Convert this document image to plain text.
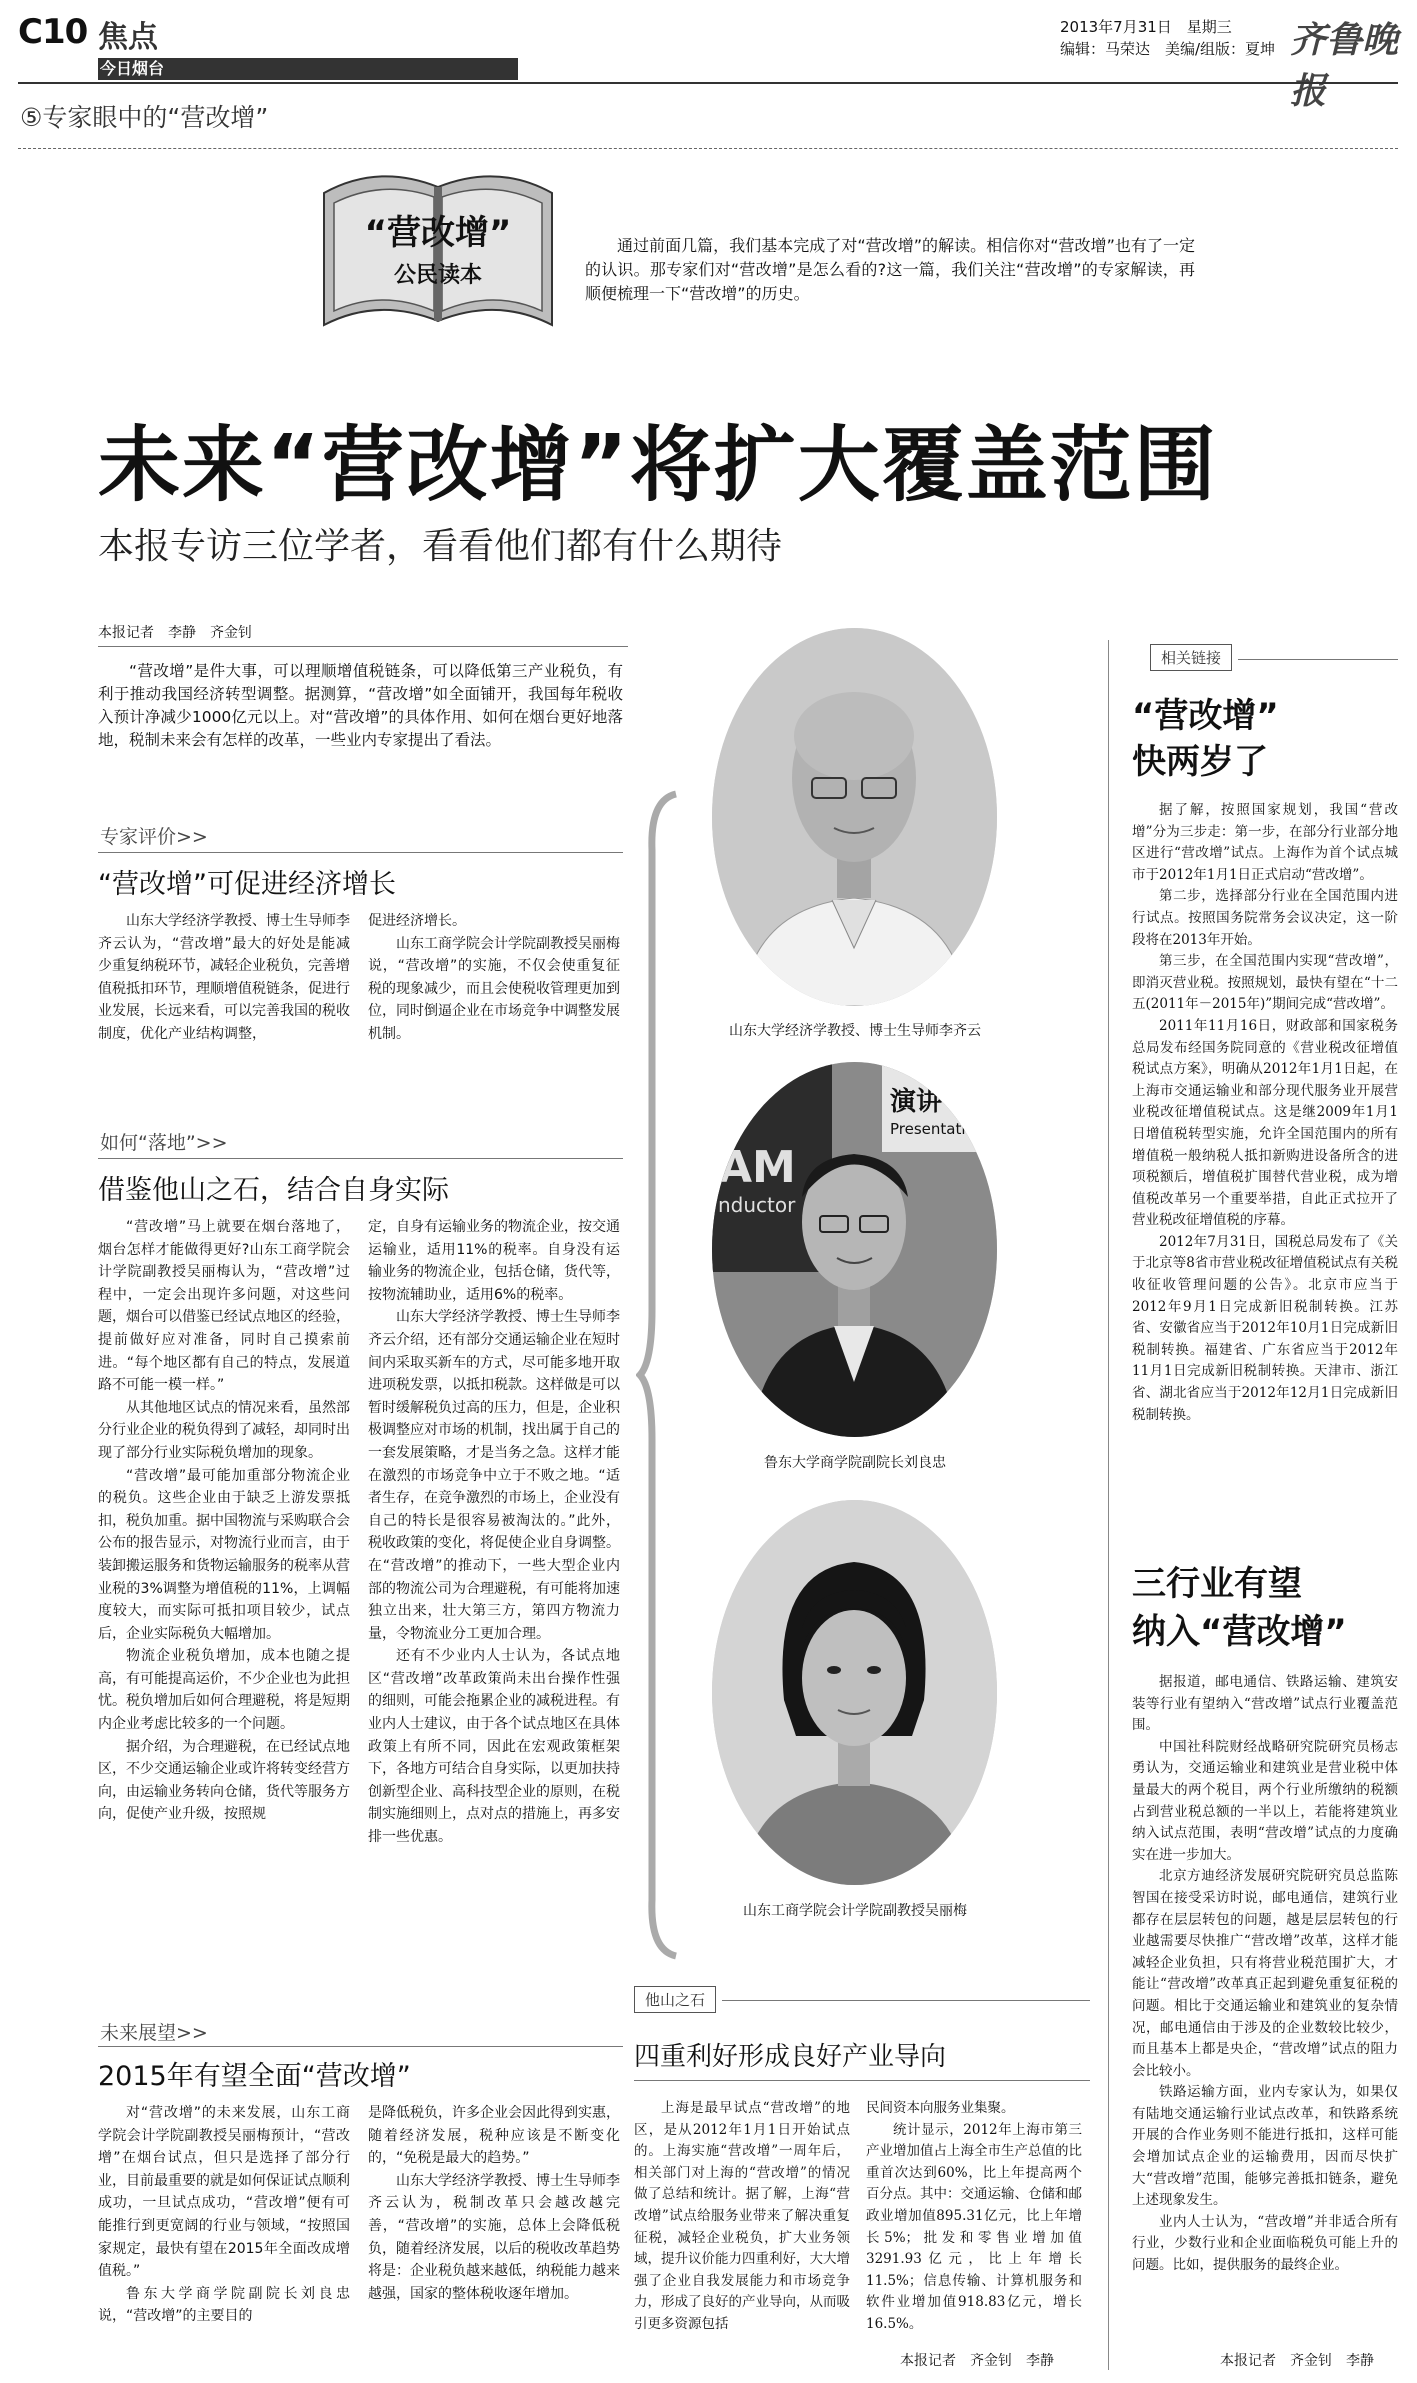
C10 焦点
今日烟台
2013年7月31日　星期三
编辑：马荣达　美编/组版：夏坤 齐鲁晚报
⑤专家眼中的“营改增”
“营改增”
公民读本
通过前面几篇，我们基本完成了对“营改增”的解读。相信你对“营改增”也有了一定的认识。那专家们对“营改增”是怎么看的?这一篇，我们关注“营改增”的专家解读，再顺便梳理一下“营改增”的历史。
未来“营改增”将扩大覆盖范围
本报专访三位学者，看看他们都有什么期待
本报记者　李静　齐金钊
“营改增”是件大事，可以理顺增值税链条，可以降低第三产业税负，有利于推动我国经济转型调整。据测算，“营改增”如全面铺开，我国每年税收入预计净减少1000亿元以上。对“营改增”的具体作用、如何在烟台更好地落地，税制未来会有怎样的改革，一些业内专家提出了看法。
专家评价>>
“营改增”可促进经济增长

山东大学经济学教授、博士生导师李齐云认为，“营改增”最大的好处是能减少重复纳税环节，减轻企业税负，完善增值税抵扣环节，理顺增值税链条，促进行业发展，长远来看，可以完善我国的税收制度，优化产业结构调整，

促进经济增长。

山东工商学院会计学院副教授吴丽梅说，“营改增”的实施，不仅会使重复征税的现象减少，而且会使税收管理更加到位，同时倒逼企业在市场竞争中调整发展机制。

如何“落地”>>
借鉴他山之石，结合自身实际

“营改增”马上就要在烟台落地了，烟台怎样才能做得更好?山东工商学院会计学院副教授吴丽梅认为，“营改增”过程中，一定会出现许多问题，对这些问题，烟台可以借鉴已经试点地区的经验，提前做好应对准备，同时自己摸索前进。“每个地区都有自己的特点，发展道路不可能一模一样。”

从其他地区试点的情况来看，虽然部分行业企业的税负得到了减轻，却同时出现了部分行业实际税负增加的现象。

“营改增”最可能加重部分物流企业的税负。这些企业由于缺乏上游发票抵扣，税负加重。据中国物流与采购联合会公布的报告显示，对物流行业而言，由于装卸搬运服务和货物运输服务的税率从营业税的3%调整为增值税的11%，上调幅度较大，而实际可抵扣项目较少，试点后，企业实际税负大幅增加。

物流企业税负增加，成本也随之提高，有可能提高运价，不少企业也为此担忧。税负增加后如何合理避税，将是短期内企业考虑比较多的一个问题。

据介绍，为合理避税，在已经试点地区，不少交通运输企业或许将转变经营方向，由运输业务转向仓储，货代等服务方向，促使产业升级，按照规

定，自身有运输业务的物流企业，按交通运输业，适用11%的税率。自身没有运输业务的物流企业，包括仓储，货代等，按物流辅助业，适用6%的税率。

山东大学经济学教授、博士生导师李齐云介绍，还有部分交通运输企业在短时间内采取买新车的方式，尽可能多地开取进项税发票，以抵扣税款。这样做是可以暂时缓解税负过高的压力，但是，企业积极调整应对市场的机制，找出属于自己的一套发展策略，才是当务之急。这样才能在激烈的市场竞争中立于不败之地。“适者生存，在竞争激烈的市场上，企业没有自己的特长是很容易被淘汰的。”此外，税收政策的变化，将促使企业自身调整。在“营改增”的推动下，一些大型企业内部的物流公司为合理避税，有可能将加速独立出来，壮大第三方，第四方物流力量，令物流业分工更加合理。

还有不少业内人士认为，各试点地区“营改增”改革政策尚未出台操作性强的细则，可能会拖累企业的减税进程。有业内人士建议，由于各个试点地区在具体政策上有所不同，因此在宏观政策框架下，各地方可结合自身实际，以更加扶持创新型企业、高科技型企业的原则，在税制实施细则上，点对点的措施上，再多安排一些优惠。

未来展望>>
2015年有望全面“营改增”

对“营改增”的未来发展，山东工商学院会计学院副教授吴丽梅预计，“营改增”在烟台试点，但只是选择了部分行业，目前最重要的就是如何保证试点顺利成功，一旦试点成功，“营改增”便有可能推行到更宽阔的行业与领域，“按照国家规定，最快有望在2015年全面改成增值税。”

鲁东大学商学院副院长刘良忠说，“营改增”的主要目的

是降低税负，许多企业会因此得到实惠，随着经济发展，税种应该是不断变化的，“免税是最大的趋势。”

山东大学经济学教授、博士生导师李齐云认为，税制改革只会越改越完善，“营改增”的实施，总体上会降低税负，随着经济发展，以后的税收改革趋势将是：企业税负越来越低，纳税能力越来越强，国家的整体税收逐年增加。

山东大学经济学教授、博士生导师李齐云
演讲
Presentati
AM
nductor
鲁东大学商学院副院长刘良忠
山东工商学院会计学院副教授吴丽梅
相关链接
“营改增”
快两岁了

据了解，按照国家规划，我国“营改增”分为三步走：第一步，在部分行业部分地区进行“营改增”试点。上海作为首个试点城市于2012年1月1日正式启动“营改增”。

第二步，选择部分行业在全国范围内进行试点。按照国务院常务会议决定，这一阶段将在2013年开始。

第三步，在全国范围内实现“营改增”，即消灭营业税。按照规划，最快有望在“十二五(2011年－2015年)”期间完成“营改增”。

2011年11月16日，财政部和国家税务总局发布经国务院同意的《营业税改征增值税试点方案》，明确从2012年1月1日起，在上海市交通运输业和部分现代服务业开展营业税改征增值税试点。这是继2009年1月1日增值税转型实施，允许全国范围内的所有增值税一般纳税人抵扣新购进设备所含的进项税额后，增值税扩围替代营业税，成为增值税改革另一个重要举措，自此正式拉开了营业税改征增值税的序幕。

2012年7月31日，国税总局发布了《关于北京等8省市营业税改征增值税试点有关税收征收管理问题的公告》。北京市应当于2012年9月1日完成新旧税制转换。江苏省、安徽省应当于2012年10月1日完成新旧税制转换。福建省、广东省应当于2012年11月1日完成新旧税制转换。天津市、浙江省、湖北省应当于2012年12月1日完成新旧税制转换。

三行业有望
纳入“营改增”

据报道，邮电通信、铁路运输、建筑安装等行业有望纳入“营改增”试点行业覆盖范围。

中国社科院财经战略研究院研究员杨志勇认为，交通运输业和建筑业是营业税中体量最大的两个税目，两个行业所缴纳的税额占到营业税总额的一半以上，若能将建筑业纳入试点范围，表明“营改增”试点的力度确实在进一步加大。

北京方迪经济发展研究院研究员总监陈智国在接受采访时说，邮电通信，建筑行业都存在层层转包的问题，越是层层转包的行业越需要尽快推广“营改增”改革，这样才能减轻企业负担，只有将营业税范围扩大，才能让“营改增”改革真正起到避免重复征税的问题。相比于交通运输业和建筑业的复杂情况，邮电通信由于涉及的企业数较比较少，而且基本上都是央企，“营改增”试点的阻力会比较小。

铁路运输方面，业内专家认为，如果仅有陆地交通运输行业试点改革，和铁路系统开展的合作业务则不能进行抵扣，这样可能会增加试点企业的运输费用，因而尽快扩大“营改增”范围，能够完善抵扣链条，避免上述现象发生。

业内人士认为，“营改增”并非适合所有行业，少数行业和企业面临税负可能上升的问题。比如，提供服务的最终企业。

本报记者　齐金钊　李静
他山之石
四重利好形成良好产业导向

上海是最早试点“营改增”的地区，是从2012年1月1日开始试点的。上海实施“营改增”一周年后，相关部门对上海的“营改增”的情况做了总结和统计。据了解，上海“营改增”试点给服务业带来了解决重复征税，减轻企业税负，扩大业务领域，提升议价能力四重利好，大大增强了企业自我发展能力和市场竞争力，形成了良好的产业导向，从而吸引更多资源包括

民间资本向服务业集聚。

统计显示，2012年上海市第三产业增加值占上海全市生产总值的比重首次达到60%，比上年提高两个百分点。其中：交通运输、仓储和邮政业增加值895.31亿元，比上年增长5%；批发和零售业增加值3291.93亿元，比上年增长11.5%；信息传输、计算机服务和软件业增加值918.83亿元，增长16.5%。

本报记者　齐金钊　李静
